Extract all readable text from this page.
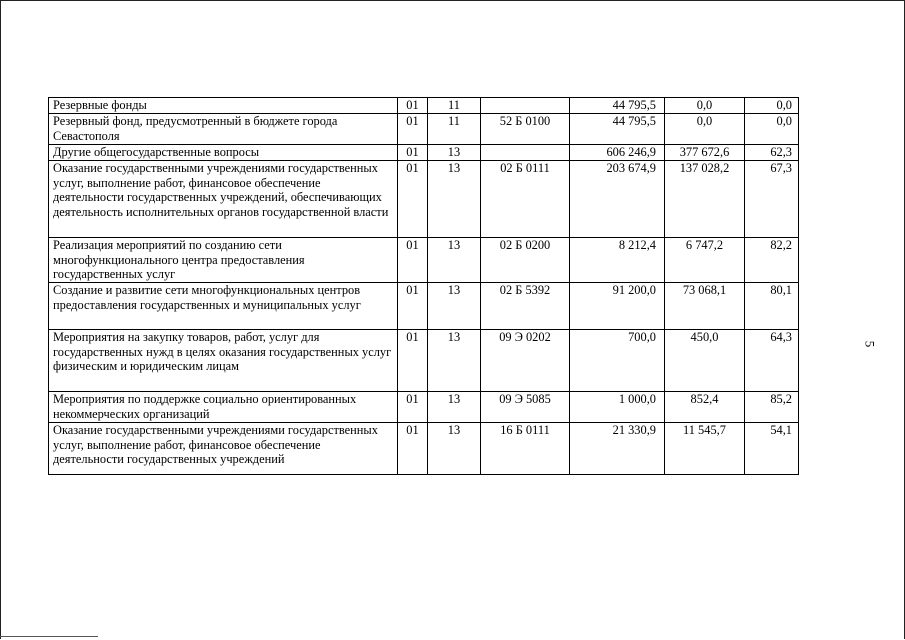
5
Резервные фонды	01	11		44 795,5	0,0	0,0
Резервный фонд, предусмотренный в бюджете города Севастополя	01	11	52 Б 0100	44 795,5	0,0	0,0
Другие общегосударственные вопросы	01	13		606 246,9	377 672,6	62,3
Оказание государственными учреждениями государственных услуг, выполнение работ, финансовое обеспечение деятельности государственных учреждений, обеспечивающих деятельность исполнительных органов государственной власти	01	13	02 Б 0111	203 674,9	137 028,2	67,3
Реализация мероприятий по созданию сети многофункционального центра предоставления государственных услуг	01	13	02 Б 0200	8 212,4	6 747,2	82,2
Создание и развитие сети многофункциональных центров предоставления государственных и муниципальных услуг	01	13	02 Б 5392	91 200,0	73 068,1	80,1
Мероприятия на закупку товаров, работ, услуг для государственных нужд в целях оказания государственных услуг физическим и юридическим лицам	01	13	09 Э 0202	700,0	450,0	64,3
Мероприятия по поддержке социально ориентированных некоммерческих организаций	01	13	09 Э 5085	1 000,0	852,4	85,2
Оказание государственными учреждениями государственных услуг, выполнение работ, финансовое обеспечение деятельности государственных учреждений	01	13	16 Б 0111	21 330,9	11 545,7	54,1
